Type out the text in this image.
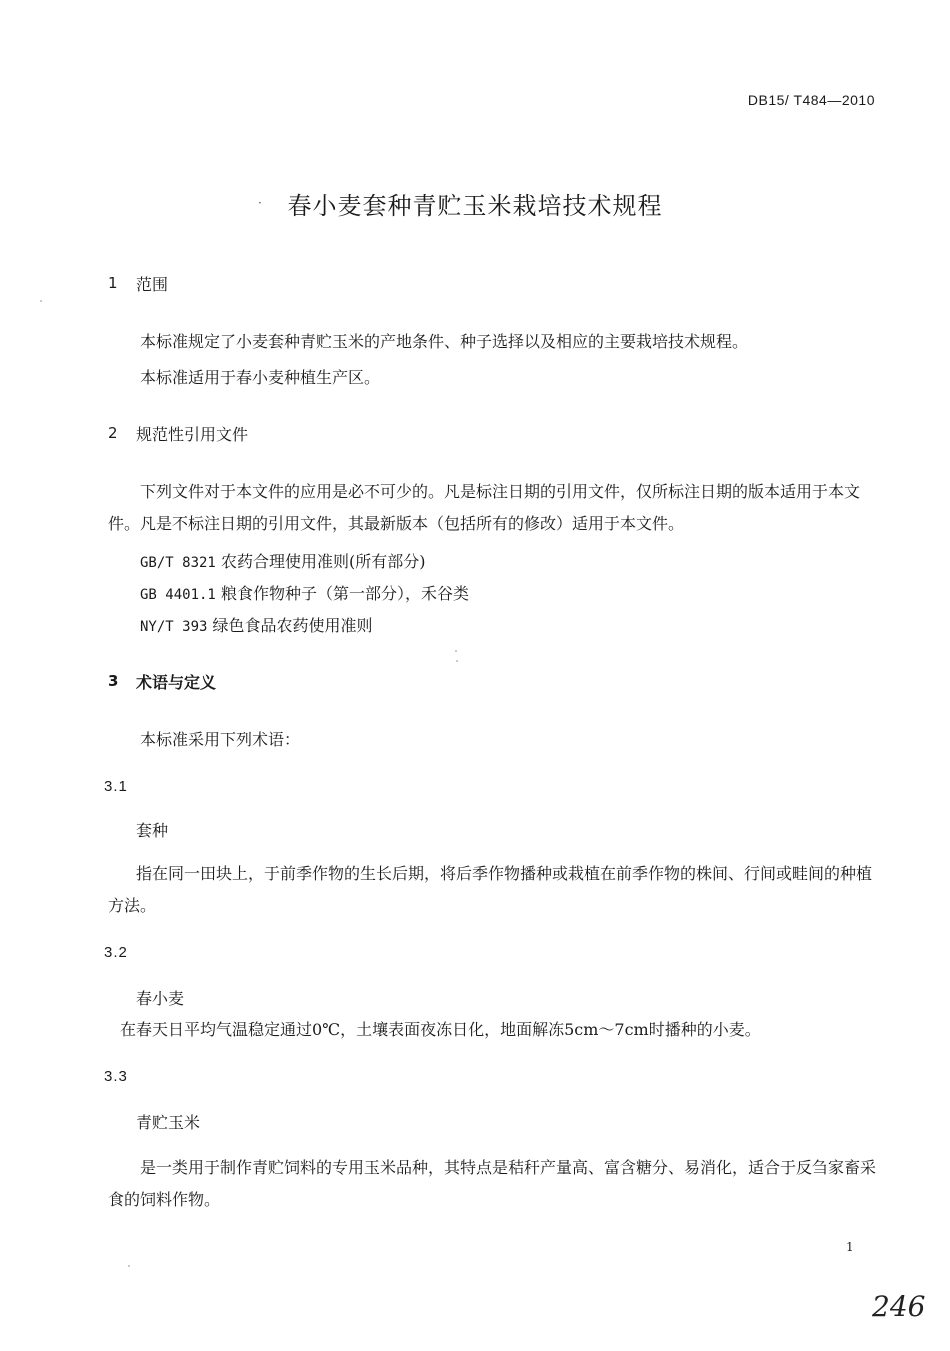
DB15/ T484—2010
·	春小麦套种青贮玉米栽培技术规程
1 范围
本标准规定了小麦套种青贮玉米的产地条件、种子选择以及相应的主要栽培技术规程。
本标准适用于春小麦种植生产区。
2 规范性引用文件
下列文件对于本文件的应用是必不可少的。凡是标注日期的引用文件，仅所标注日期的版本适用于本文件。凡是不标注日期的引用文件，其最新版本（包括所有的修改）适用于本文件。
GB/T 8321 农药合理使用准则(所有部分)
GB 4401.1 粮食作物种子（第一部分），禾谷类
NY/T 393 绿色食品农药使用准则
3 术语与定义
本标准采用下列术语：
3.1
套种
指在同一田块上，于前季作物的生长后期，将后季作物播种或栽植在前季作物的株间、行间或畦间的种植方法。
3.2
春小麦
在春天日平均气温稳定通过0℃，土壤表面夜冻日化，地面解冻5cm～7cm时播种的小麦。
3.3
青贮玉米
是一类用于制作青贮饲料的专用玉米品种，其特点是秸秆产量高、富含糖分、易消化，适合于反刍家畜采食的饲料作物。
1
246
